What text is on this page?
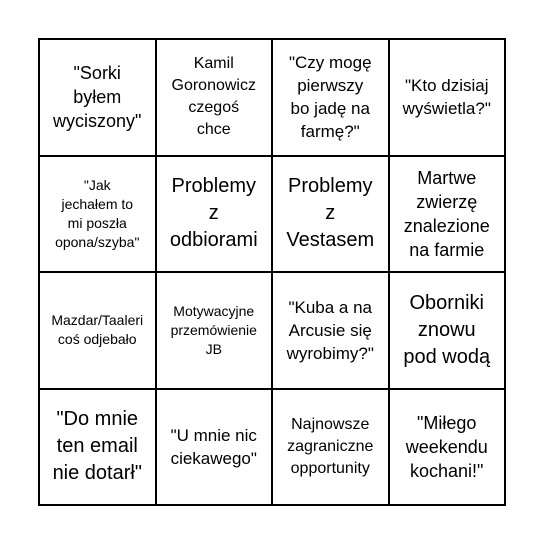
"Sorki
byłem
wyciszony"
Kamil
Goronowicz
czegoś
chce
"Czy mogę
pierwszy
bo jadę na
farmę?"
"Kto dzisiaj
wyświetla?"
"Jak
jechałem to
mi poszła
opona/szyba"
Problemy
z
odbiorami
Problemy
z
Vestasem
Martwe
zwierzę
znalezione
na farmie
Mazdar/Taaleri
coś odjebało
Motywacyjne
przemówienie
JB
"Kuba a na
Arcusie się
wyrobimy?"
Oborniki
znowu
pod wodą
"Do mnie
ten email
nie dotarł"
"U mnie nic
ciekawego"
Najnowsze
zagraniczne
opportunity
"Miłego
weekendu
kochani!"
